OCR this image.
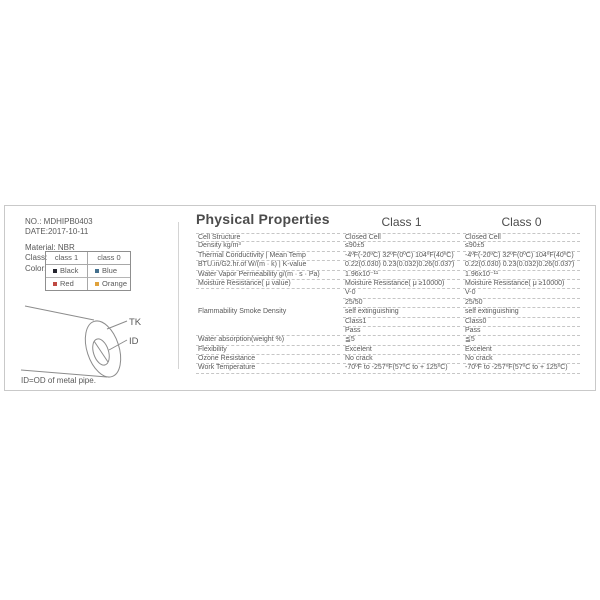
NO.: MDHIPB0403
DATE:2017-10-11
Material: NBR
Class:
Color:
class 1	class 0
Black	Blue
Red	Orange
TK
ID
ID=OD of metal pipe.
Physical Properties	Class 1	Class 0
Cell Structure	Closed Cell	Closed Cell
Density kg/m³	≤90±5	≤90±5
Thermal Conductivity | Mean Temp	-4ºF(-20ºC) 32ºF(0ºC) 104ºF(40ºC)	-4ºF(-20ºC) 32ºF(0ºC) 104ºF(40ºC)
BTU.in/G2.hr.of W/(m · k) | K-value	0.22(0.030) 0.23(0.032)0.26(0.037)	0.22(0.030) 0.23(0.032)0.26(0.037)
Water Vapor Permeability g/(m · s · Pa)	1.96x10⁻¹¹	1.96x10⁻¹¹
Moisture Resistance( μ value)	Moisture Resistance( μ ≥10000)	Moisture Resistance( μ ≥10000)
Flammability Smoke Density
V-0	V-0
25/50	25/50
self extinguishing	self extinguishing
Class1	Class0
Pass	Pass
Water absorption(weight %)	≦5	≦5
Flexibility	Excelent	Excelent
Ozone Resistance	No crack	No crack
Work Temperature	-70ºF to -257ºF(57ºC to + 125ºC)	-70ºF to -257ºF(57ºC to + 125ºC)
